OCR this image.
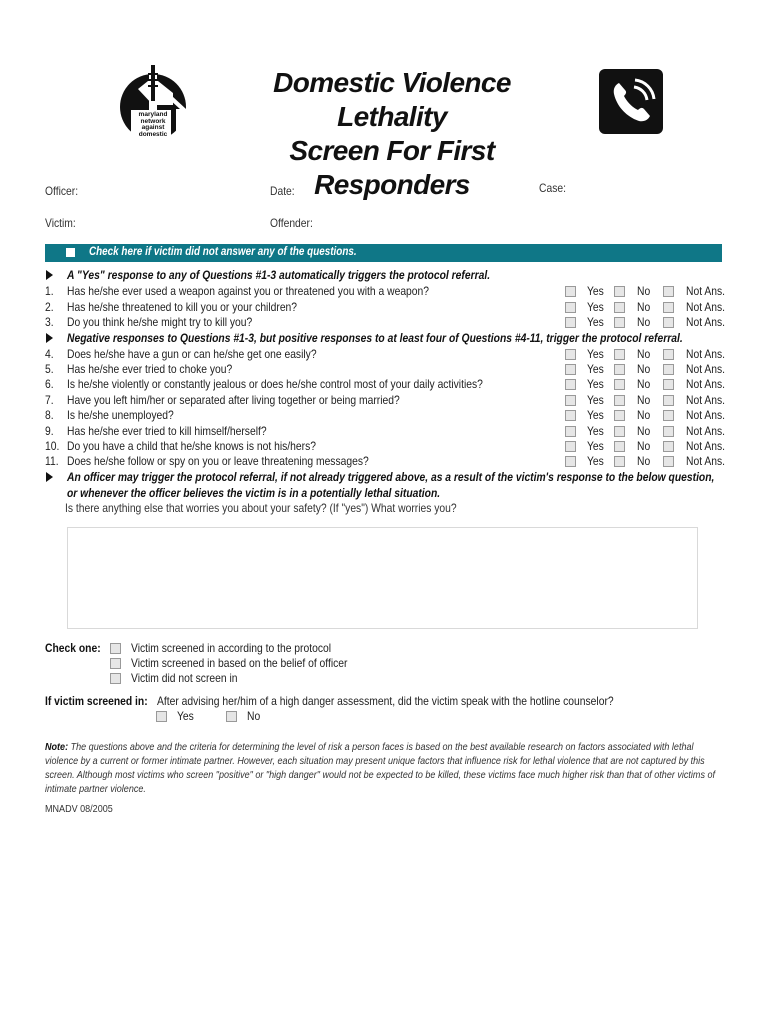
maryland
network
against
domestic
Domestic Violence Lethality
Screen For First Responders
Officer:	Date:	Case:
Victim:	Offender:
Check here if victim did not answer any of the questions.
A "Yes" response to any of Questions #1-3 automatically triggers the protocol referral.
1. Has he/she ever used a weapon against you or threatened you with a weapon?	Yes	No	Not Ans.
2. Has he/she threatened to kill you or your children?	Yes	No	Not Ans.
3. Do you think he/she might try to kill you?	Yes	No	Not Ans.
Negative responses to Questions #1-3, but positive responses to at least four of Questions #4-11, trigger the protocol referral.
4. Does he/she have a gun or can he/she get one easily?	Yes	No	Not Ans.
5. Has he/she ever tried to choke you?	Yes	No	Not Ans.
6. Is he/she violently or constantly jealous or does he/she control most of your daily activities?	Yes	No	Not Ans.
7. Have you left him/her or separated after living together or being married?	Yes	No	Not Ans.
8. Is he/she unemployed?	Yes	No	Not Ans.
9. Has he/she ever tried to kill himself/herself?	Yes	No	Not Ans.
10. Do you have a child that he/she knows is not his/hers?	Yes	No	Not Ans.
11. Does he/she follow or spy on you or leave threatening messages?	Yes	No	Not Ans.
An officer may trigger the protocol referral, if not already triggered above, as a result of the victim's response to the below question,
or whenever the officer believes the victim is in a potentially lethal situation.
Is there anything else that worries you about your safety? (If "yes") What worries you?
Check one:	Victim screened in according to the protocol
Victim screened in based on the belief of officer
Victim did not screen in
If victim screened in: After advising her/him of a high danger assessment, did the victim speak with the hotline counselor?
Yes	No
Note: The questions above and the criteria for determining the level of risk a person faces is based on the best available research on factors associated with lethal
violence by a current or former intimate partner. However, each situation may present unique factors that influence risk for lethal violence that are not captured by this
screen. Although most victims who screen "positive" or "high danger" would not be expected to be killed, these victims face much higher risk than that of other victims of
intimate partner violence.
MNADV 08/2005
